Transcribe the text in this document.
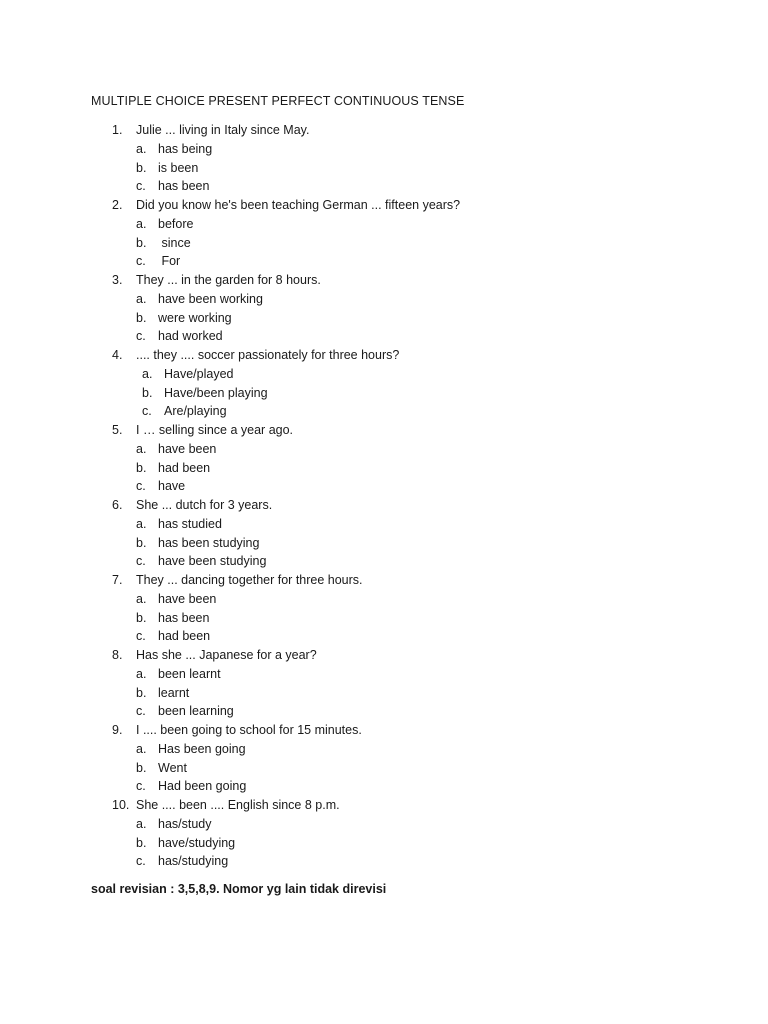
MULTIPLE CHOICE PRESENT PERFECT CONTINUOUS TENSE
1.	Julie ... living in Italy since May.
a. has being
b. is been
c. has been
2.	Did you know he's been teaching German ... fifteen years?
a. before
b. since
c. For
3.	They ... in the garden for 8 hours.
a. have been working
b. were working
c. had worked
4.	.... they .... soccer passionately for three hours?
a. Have/played
b. Have/been playing
c. Are/playing
5.	I … selling since a year ago.
a. have been
b. had been
c. have
6.	She ... dutch for 3 years.
a. has studied
b. has been studying
c. have been studying
7.	They ... dancing together for three hours.
a. have been
b. has been
c. had been
8.	Has she ... Japanese for a year?
a. been learnt
b. learnt
c. been learning
9.	I .... been going to school for 15 minutes.
a. Has been going
b. Went
c. Had been going
10. She .... been .... English since 8 p.m.
a. has/study
b. have/studying
c. has/studying
soal revisian : 3,5,8,9. Nomor yg lain tidak direvisi
